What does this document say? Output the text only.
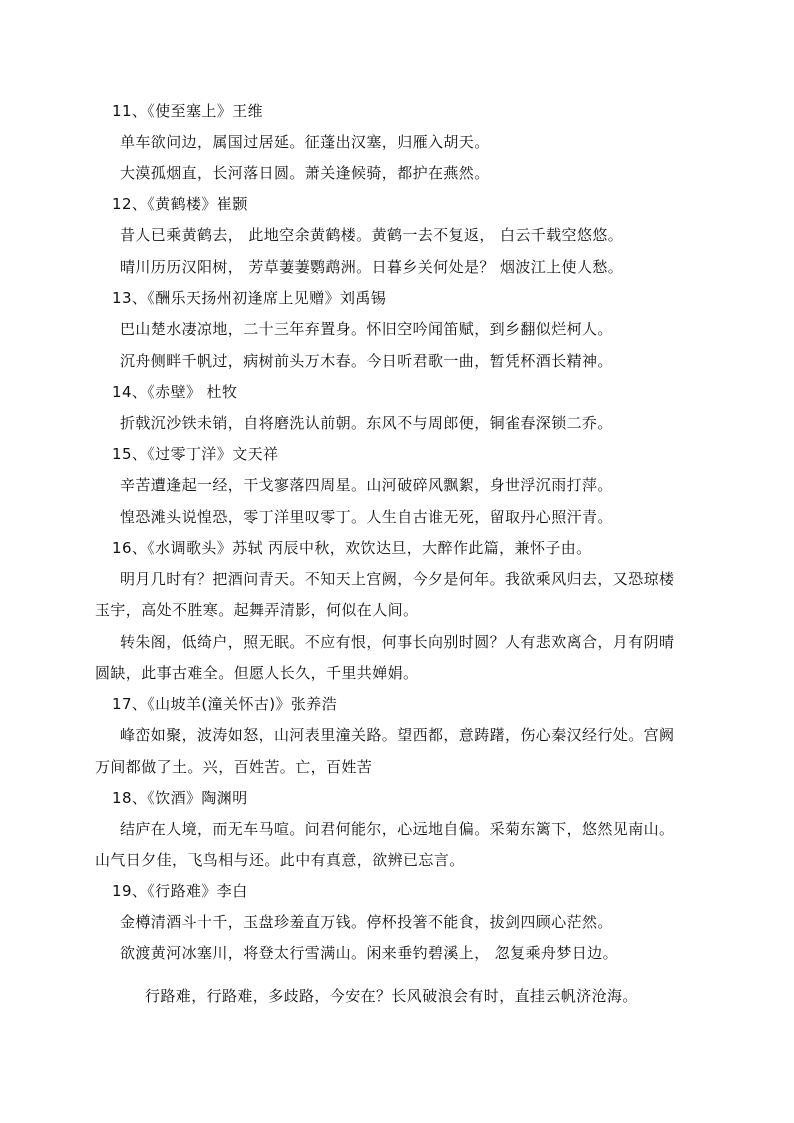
11、《使至塞上》王维
单车欲问边，属国过居延。征蓬出汉塞，归雁入胡天。
大漠孤烟直，长河落日圆。萧关逢候骑，都护在燕然。
12、《黄鹤楼》崔颢
昔人已乘黄鹤去， 此地空余黄鹤楼。黄鹤一去不复返， 白云千载空悠悠。
晴川历历汉阳树， 芳草萋萋鹦鹉洲。日暮乡关何处是？ 烟波江上使人愁。
13、《酬乐天扬州初逢席上见赠》刘禹锡
巴山楚水凄凉地，二十三年弃置身。怀旧空吟闻笛赋，到乡翻似烂柯人。
沉舟侧畔千帆过，病树前头万木春。今日听君歌一曲，暂凭杯酒长精神。
14、《赤壁》 杜牧
折戟沉沙铁未销，自将磨洗认前朝。东风不与周郎便，铜雀春深锁二乔。
15、《过零丁洋》文天祥
辛苦遭逢起一经，干戈寥落四周星。山河破碎风飘絮，身世浮沉雨打萍。
惶恐滩头说惶恐，零丁洋里叹零丁。人生自古谁无死，留取丹心照汗青。
16、《水调歌头》苏轼 丙辰中秋，欢饮达旦，大醉作此篇，兼怀子由。
明月几时有？把酒问青天。不知天上宫阙，今夕是何年。我欲乘风归去，又恐琼楼
玉宇，高处不胜寒。起舞弄清影，何似在人间。
转朱阁，低绮户，照无眠。不应有恨，何事长向别时圆？人有悲欢离合，月有阴晴
圆缺，此事古难全。但愿人长久，千里共婵娟。
17、《山坡羊(潼关怀古)》张养浩
峰峦如聚，波涛如怒，山河表里潼关路。望西都，意踌躇，伤心秦汉经行处。宫阙
万间都做了土。兴，百姓苦。亡，百姓苦
18、《饮酒》陶渊明
结庐在人境，而无车马喧。问君何能尔，心远地自偏。采菊东篱下，悠然见南山。
山气日夕佳，飞鸟相与还。此中有真意，欲辨已忘言。
19、《行路难》李白
金樽清酒斗十千，玉盘珍羞直万钱。停杯投箸不能食，拔剑四顾心茫然。
欲渡黄河冰塞川，将登太行雪满山。闲来垂钓碧溪上， 忽复乘舟梦日边。
行路难，行路难，多歧路，今安在？长风破浪会有时，直挂云帆济沧海。
